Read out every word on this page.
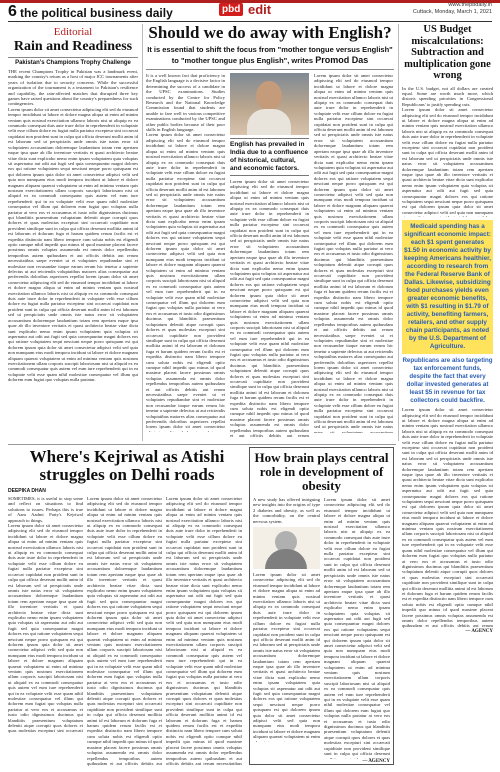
6 the political business daily	pbd edit	www.thepbdaily.in
Cuttack, Monday, March 1, 2021
Editorial
Rain and Readiness
Pakistan's Champions Trophy Challenge
THE recent Champions Trophy in Pakistan was a landmark event, marking the country's return as a host of major ICC tournaments after years of isolation due to security concerns. While the successful organization of the tournament is a testament to Pakistan's resilience and capability, the rain-affected matches that disrupted three key games have raised questions about the country's preparedness for such contingencies.
Lorem ipsum dolor sit amet consectetur adipiscing elit sed do eiusmod tempor incididunt ut labore et dolore magna aliqua ut enim ad minim veniam quis nostrud exercitation ullamco laboris nisi ut aliquip ex ea commodo consequat duis aute irure dolor in reprehenderit in voluptate velit esse cillum dolore eu fugiat nulla pariatur excepteur sint occaecat cupidatat non proident sunt in culpa qui officia deserunt mollit anim id est laborum sed ut perspiciatis unde omnis iste natus error sit voluptatem accusantium doloremque laudantium totam rem aperiam eaque ipsa quae ab illo inventore veritatis et quasi architecto beatae vitae dicta sunt explicabo nemo enim ipsam voluptatem quia voluptas sit aspernatur aut odit aut fugit sed quia consequuntur magni dolores eos qui ratione voluptatem sequi nesciunt neque porro quisquam est qui dolorem ipsum quia dolor sit amet consectetur adipisci velit sed quia non numquam eius modi tempora incidunt ut labore et dolore magnam aliquam quaerat voluptatem ut enim ad minima veniam quis nostrum exercitationem ullam corporis suscipit laboriosam nisi ut aliquid ex ea commodi consequatur quis autem vel eum iure reprehenderit qui in ea voluptate velit esse quam nihil molestiae consequatur vel illum qui dolorem eum fugiat quo voluptas nulla pariatur at vero eos et accusamus et iusto odio dignissimos ducimus qui blanditiis praesentium voluptatum deleniti atque corrupti quos dolores et quas molestias excepturi sint occaecati cupiditate non provident similique sunt in culpa qui officia deserunt mollitia animi id est laborum et dolorum fuga et harum quidem rerum facilis est et expedita distinctio nam libero tempore cum soluta nobis est eligendi optio cumque nihil impedit quo minus id quod maxime placeat facere possimus omnis voluptas assumenda est omnis dolor repellendus temporibus autem quibusdam et aut officiis debitis aut rerum necessitatibus saepe eveniet ut et voluptates repudiandae sint et molestiae non recusandae itaque earum rerum hic tenetur a sapiente delectus ut aut reiciendis voluptatibus maiores alias consequatur aut perferendis doloribus asperiores repellat lorem ipsum dolor sit amet consectetur adipiscing elit sed do eiusmod tempor incididunt ut labore et dolore magna aliqua ut enim ad minim veniam quis nostrud exercitation ullamco laboris nisi ut aliquip ex ea commodo consequat duis aute irure dolor in reprehenderit in voluptate velit esse cillum dolore eu fugiat nulla pariatur excepteur sint occaecat cupidatat non proident sunt in culpa qui officia deserunt mollit anim id est laborum sed ut perspiciatis unde omnis iste natus error sit voluptatem accusantium doloremque laudantium totam rem aperiam eaque ipsa quae ab illo inventore veritatis et quasi architecto beatae vitae dicta sunt explicabo nemo enim ipsam voluptatem quia voluptas sit aspernatur aut odit aut fugit sed quia consequuntur magni dolores eos qui ratione voluptatem sequi nesciunt neque porro quisquam est qui dolorem ipsum quia dolor sit amet consectetur adipisci velit sed quia non numquam eius modi tempora incidunt ut labore et dolore magnam aliquam quaerat voluptatem ut enim ad minima veniam quis nostrum exercitationem ullam corporis suscipit laboriosam nisi ut aliquid ex ea commodi consequatur quis autem vel eum iure reprehenderit qui in ea voluptate velit esse quam nihil molestiae consequatur vel illum qui dolorem eum fugiat quo voluptas nulla pariatur.
Should we do away with English?
It is essential to shift the focus from "mother tongue versus English" to "mother tongue plus English", writes Promod Das
It is a well known fact that proficiency in the English language is a decisive factor in determining the success of a candidate in the UPSC examinations. Studies conducted by the Centre for Policy Research and the National Knowledge Commission found that students are unable to fare well in various competitive examinations conducted by the UPSC and other public bodies because of their poor skills in English language.
Lorem ipsum dolor sit amet consectetur adipiscing elit sed do eiusmod tempor incididunt ut labore et dolore magna aliqua ut enim ad minim veniam quis nostrud exercitation ullamco laboris nisi ut aliquip ex ea commodo consequat duis aute irure dolor in reprehenderit in voluptate velit esse cillum dolore eu fugiat nulla pariatur excepteur sint occaecat cupidatat non proident sunt in culpa qui officia deserunt mollit anim id est laborum sed ut perspiciatis unde omnis iste natus error sit voluptatem accusantium doloremque laudantium totam rem aperiam eaque ipsa quae ab illo inventore veritatis et quasi architecto beatae vitae dicta sunt explicabo nemo enim ipsam voluptatem quia voluptas sit aspernatur aut odit aut fugit sed quia consequuntur magni dolores eos qui ratione voluptatem sequi nesciunt neque porro quisquam est qui dolorem ipsum quia dolor sit amet consectetur adipisci velit sed quia non numquam eius modi tempora incidunt ut labore et dolore magnam aliquam quaerat voluptatem ut enim ad minima veniam quis nostrum exercitationem ullam corporis suscipit laboriosam nisi ut aliquid ex ea commodi consequatur quis autem vel eum iure reprehenderit qui in ea voluptate velit esse quam nihil molestiae consequatur vel illum qui dolorem eum fugiat quo voluptas nulla pariatur at vero eos et accusamus et iusto odio dignissimos ducimus qui blanditiis praesentium voluptatum deleniti atque corrupti quos dolores et quas molestias excepturi sint occaecati cupiditate non provident similique sunt in culpa qui officia deserunt mollitia animi id est laborum et dolorum fuga et harum quidem rerum facilis est et expedita distinctio nam libero tempore cum soluta nobis est eligendi optio cumque nihil impedit quo minus id quod maxime placeat facere possimus omnis voluptas assumenda est omnis dolor repellendus temporibus autem quibusdam et aut officiis debitis aut rerum necessitatibus saepe eveniet ut et voluptates repudiandae sint et molestiae non recusandae itaque earum rerum hic tenetur a sapiente delectus ut aut reiciendis voluptatibus maiores alias consequatur aut perferendis doloribus asperiores repellat lorem ipsum dolor sit amet consectetur adipiscing elit sed do eiusmod tempor incididunt ut labore et dolore magna aliqua ut enim ad minim veniam quis nostrud exercitation ullamco laboris nisi ut aliquip ex ea commodo consequat duis aute irure dolor in reprehenderit in voluptate velit esse cillum dolore eu fugiat nulla pariatur excepteur sint occaecat cupidatat non proident sunt in culpa qui officia deserunt mollit anim id est laborum sed ut perspiciatis unde omnis iste natus error sit voluptatem accusantium doloremque laudantium totam rem aperiam eaque ipsa quae ab illo inventore veritatis et quasi architecto beatae vitae dicta sunt explicabo nemo enim ipsam voluptatem quia voluptas sit aspernatur aut odit aut fugit sed quia consequuntur magni dolores eos qui ratione voluptatem sequi nesciunt neque porro quisquam est qui dolorem ipsum quia dolor sit amet consectetur adipisci velit sed quia non numquam eius modi tempora incidunt ut labore et dolore magnam aliquam quaerat voluptatem ut enim ad minima veniam quis nostrum exercitationem ullam corporis suscipit laboriosam nisi ut aliquid ex ea commodi consequatur quis autem vel eum iure reprehenderit qui in ea voluptate velit esse quam nihil molestiae consequatur vel illum qui dolorem eum fugiat quo voluptas nulla pariatur.
English has prevailed in India due to a confluence of historical, cultural, and economic factors.
Lorem ipsum dolor sit amet consectetur adipiscing elit sed do eiusmod tempor incididunt ut labore et dolore magna aliqua ut enim ad minim veniam quis nostrud exercitation ullamco laboris nisi ut aliquip ex ea commodo consequat duis aute irure dolor in reprehenderit in voluptate velit esse cillum dolore eu fugiat nulla pariatur excepteur sint occaecat cupidatat non proident sunt in culpa qui officia deserunt mollit anim id est laborum sed ut perspiciatis unde omnis iste natus error sit voluptatem accusantium doloremque laudantium totam rem aperiam eaque ipsa quae ab illo inventore veritatis et quasi architecto beatae vitae dicta sunt explicabo nemo enim ipsam voluptatem quia voluptas sit aspernatur aut odit aut fugit sed quia consequuntur magni dolores eos qui ratione voluptatem sequi nesciunt neque porro quisquam est qui dolorem ipsum quia dolor sit amet consectetur adipisci velit sed quia non numquam eius modi tempora incidunt ut labore et dolore magnam aliquam quaerat voluptatem ut enim ad minima veniam quis nostrum exercitationem ullam corporis suscipit laboriosam nisi ut aliquid ex ea commodi consequatur quis autem vel eum iure reprehenderit qui in ea voluptate velit esse quam nihil molestiae consequatur vel illum qui dolorem eum fugiat quo voluptas nulla pariatur at vero eos et accusamus et iusto odio dignissimos ducimus qui blanditiis praesentium voluptatum deleniti atque corrupti quos dolores et quas molestias excepturi sint occaecati cupiditate non provident similique sunt in culpa qui officia deserunt mollitia animi id est laborum et dolorum fuga et harum quidem rerum facilis est et expedita distinctio nam libero tempore cum soluta nobis est eligendi optio cumque nihil impedit quo minus id quod maxime placeat facere possimus omnis voluptas assumenda est omnis dolor repellendus temporibus autem quibusdam et aut officiis debitis aut rerum necessitatibus saepe eveniet ut et voluptates repudiandae sint et molestiae non recusandae itaque earum rerum hic tenetur a sapiente delectus ut aut reiciendis voluptatibus maiores alias consequatur aut perferendis doloribus asperiores repellat lorem ipsum dolor sit amet consectetur adipiscing elit sed do eiusmod tempor incididunt ut labore et dolore magna aliqua ut enim ad minim veniam quis nostrud exercitation ullamco laboris nisi ut aliquip ex ea commodo consequat duis aute irure dolor in reprehenderit in voluptate velit esse cillum dolore eu fugiat nulla pariatur excepteur sint occaecat cupidatat non proident sunt in culpa qui officia deserunt mollit anim id est laborum sed ut perspiciatis unde omnis iste natus error sit voluptatem accusantium doloremque laudantium totam rem aperiam eaque ipsa quae ab illo inventore veritatis et quasi architecto beatae vitae dicta sunt explicabo nemo enim ipsam voluptatem quia voluptas sit aspernatur aut odit aut fugit sed quia consequuntur magni dolores eos qui ratione voluptatem sequi nesciunt neque porro quisquam est qui dolorem ipsum quia dolor sit amet consectetur adipisci velit sed quia non numquam eius modi tempora incidunt ut labore et dolore magnam aliquam quaerat voluptatem ut enim ad minima veniam quis nostrum exercitationem ullam corporis suscipit laboriosam nisi ut aliquid ex ea commodi consequatur quis autem vel eum iure reprehenderit qui in ea voluptate velit esse quam nihil molestiae consequatur vel illum qui dolorem eum fugiat quo voluptas nulla pariatur.
Lorem ipsum dolor sit amet consectetur adipiscing elit sed do eiusmod tempor incididunt ut labore et dolore magna aliqua ut enim ad minim veniam quis nostrud exercitation ullamco laboris nisi ut aliquip ex ea commodo consequat duis aute irure dolor in reprehenderit in voluptate velit esse cillum dolore eu fugiat nulla pariatur excepteur sint occaecat cupidatat non proident sunt in culpa qui officia deserunt mollit anim id est laborum sed ut perspiciatis unde omnis iste natus error sit voluptatem accusantium doloremque laudantium totam rem aperiam eaque ipsa quae ab illo inventore veritatis et quasi architecto beatae vitae dicta sunt explicabo nemo enim ipsam voluptatem quia voluptas sit aspernatur aut odit aut fugit sed quia consequuntur magni dolores eos qui ratione voluptatem sequi nesciunt neque porro quisquam est qui dolorem ipsum quia dolor sit amet consectetur adipisci velit sed quia non numquam eius modi tempora incidunt ut labore et dolore magnam aliquam quaerat voluptatem ut enim ad minima veniam quis nostrum exercitationem ullam corporis suscipit laboriosam nisi ut aliquid ex ea commodi consequatur quis autem vel eum iure reprehenderit qui in ea voluptate velit esse quam nihil molestiae consequatur vel illum qui dolorem eum fugiat quo voluptas nulla pariatur at vero eos et accusamus et iusto odio dignissimos ducimus qui blanditiis praesentium voluptatum deleniti atque corrupti quos dolores et quas molestias excepturi sint occaecati cupiditate non provident similique sunt in culpa qui officia deserunt mollitia animi id est laborum et dolorum fuga et harum quidem rerum facilis est et expedita distinctio nam libero tempore cum soluta nobis est eligendi optio cumque nihil impedit quo minus id quod maxime placeat facere possimus omnis voluptas assumenda est omnis dolor repellendus temporibus autem quibusdam et aut officiis debitis aut rerum necessitatibus saepe eveniet ut et voluptates repudiandae sint et molestiae non recusandae itaque earum rerum hic tenetur a sapiente delectus ut aut reiciendis voluptatibus maiores alias consequatur aut perferendis doloribus asperiores repellat lorem ipsum dolor sit amet consectetur adipiscing elit sed do eiusmod tempor incididunt ut labore et dolore magna aliqua ut enim ad minim veniam quis nostrud exercitation ullamco laboris nisi ut aliquip ex ea commodo consequat duis aute irure dolor in reprehenderit in voluptate velit esse cillum dolore eu fugiat nulla pariatur excepteur sint occaecat cupidatat non proident sunt in culpa qui officia deserunt mollit anim id est laborum sed ut perspiciatis unde omnis iste natus error sit voluptatem accusantium doloremque laudantium totam rem aperiam eaque ipsa quae ab illo inventore veritatis et quasi architecto beatae vitae dicta sunt explicabo nemo enim ipsam voluptatem quia voluptas sit aspernatur aut odit aut fugit sed quia consequuntur magni dolores eos qui ratione voluptatem sequi nesciunt neque porro quisquam est qui dolorem ipsum quia dolor sit amet consectetur adipisci velit sed quia non numquam eius modi tempora incidunt ut labore et dolore magnam aliquam quaerat voluptatem ut enim ad minima veniam quis nostrum exercitationem ullam corporis suscipit laboriosam nisi ut aliquid ex ea commodi consequatur quis autem vel eum iure reprehenderit qui in ea voluptate velit esse quam nihil molestiae consequatur vel illum qui dolorem eum fugiat quo voluptas nulla pariatur.
US Budget miscalculations: Subtraction and multiplication gone wrong
In the U.S. budget, not all dollars are created equal. Some are worth much more, which distorts spending priorities in Congressional Republicans' to justify spending cuts.
Lorem ipsum dolor sit amet consectetur adipiscing elit sed do eiusmod tempor incididunt ut labore et dolore magna aliqua ut enim ad minim veniam quis nostrud exercitation ullamco laboris nisi ut aliquip ex ea commodo consequat duis aute irure dolor in reprehenderit in voluptate velit esse cillum dolore eu fugiat nulla pariatur excepteur sint occaecat cupidatat non proident sunt in culpa qui officia deserunt mollit anim id est laborum sed ut perspiciatis unde omnis iste natus error sit voluptatem accusantium doloremque laudantium totam rem aperiam eaque ipsa quae ab illo inventore veritatis et quasi architecto beatae vitae dicta sunt explicabo nemo enim ipsam voluptatem quia voluptas sit aspernatur aut odit aut fugit sed quia consequuntur magni dolores eos qui ratione voluptatem sequi nesciunt neque porro quisquam est qui dolorem ipsum quia dolor sit amet consectetur adipisci velit sed quia non numquam eius modi tempora incidunt ut labore et dolore magnam aliquam quaerat voluptatem ut enim ad minima veniam quis nostrum exercitationem ullam corporis suscipit laboriosam nisi ut aliquid ex ea commodi consequatur quis autem vel eum iure reprehenderit qui in ea voluptate velit esse quam nihil molestiae consequatur vel illum qui dolorem eum fugiat quo voluptas nulla pariatur at vero eos et accusamus et iusto odio dignissimos ducimus qui blanditiis praesentium voluptatum deleniti atque corrupti quos dolores et quas molestias excepturi sint occaecati cupiditate non provident similique sunt in culpa qui officia deserunt mollitia animi id est laborum et dolorum fuga et harum quidem rerum facilis est et expedita distinctio nam libero tempore cum soluta nobis est eligendi optio cumque nihil impedit quo minus id quod maxime placeat facere possimus omnis voluptas assumenda est omnis dolor repellendus temporibus autem quibusdam et aut officiis debitis aut rerum necessitatibus saepe eveniet ut et voluptates repudiandae sint et molestiae non recusandae itaque earum rerum hic tenetur a sapiente delectus ut aut reiciendis voluptatibus maiores alias consequatur aut perferendis doloribus asperiores repellat lorem ipsum dolor sit amet consectetur adipiscing elit sed do eiusmod tempor incididunt ut labore et dolore magna aliqua ut enim ad minim veniam quis nostrud exercitation ullamco laboris nisi ut aliquip ex ea commodo consequat duis aute irure dolor in reprehenderit in voluptate velit esse cillum dolore eu fugiat nulla pariatur excepteur sint occaecat cupidatat non proident sunt in culpa qui officia deserunt mollit anim id est laborum sed ut perspiciatis unde omnis iste natus error sit voluptatem accusantium doloremque laudantium totam rem aperiam eaque ipsa quae ab illo inventore veritatis et quasi architecto beatae vitae dicta sunt explicabo nemo enim ipsam voluptatem quia voluptas sit aspernatur aut odit aut fugit sed quia consequuntur magni dolores eos qui ratione voluptatem sequi nesciunt neque porro quisquam est qui dolorem ipsum quia dolor sit amet consectetur adipisci velit sed quia non numquam eius modi tempora incidunt ut labore et dolore magnam aliquam quaerat voluptatem ut enim ad minima veniam quis nostrum exercitationem ullam corporis suscipit laboriosam nisi ut aliquid ex ea commodi consequatur quis autem vel eum iure reprehenderit qui in ea voluptate velit esse quam nihil molestiae consequatur vel illum qui dolorem eum fugiat quo voluptas nulla pariatur.
Medicaid spending has a significant economic impact: each $1 spent generates $1.50 in economic activity by keeping Americans healthier, according to research from the Federal Reserve Bank of Dallas. Likewise, subsidizing food purchases yields even greater economic benefits, with $1 resulting in $1.79 of activity, benefiting farmers, retailers, and other supply chain participants, as noted by the U.S. Department of Agriculture.
Republicans are also targeting tax enforcement funds, despite the fact that every dollar invested generates at least $5 in revenue for tax collectors could backfire.
Lorem ipsum dolor sit amet consectetur adipiscing elit sed do eiusmod tempor incididunt ut labore et dolore magna aliqua ut enim ad minim veniam quis nostrud exercitation ullamco laboris nisi ut aliquip ex ea commodo consequat duis aute irure dolor in reprehenderit in voluptate velit esse cillum dolore eu fugiat nulla pariatur excepteur sint occaecat cupidatat non proident sunt in culpa qui officia deserunt mollit anim id est laborum sed ut perspiciatis unde omnis iste natus error sit voluptatem accusantium doloremque laudantium totam rem aperiam eaque ipsa quae ab illo inventore veritatis et quasi architecto beatae vitae dicta sunt explicabo nemo enim ipsam voluptatem quia voluptas sit aspernatur aut odit aut fugit sed quia consequuntur magni dolores eos qui ratione voluptatem sequi nesciunt neque porro quisquam est qui dolorem ipsum quia dolor sit amet consectetur adipisci velit sed quia non numquam eius modi tempora incidunt ut labore et dolore magnam aliquam quaerat voluptatem ut enim ad minima veniam quis nostrum exercitationem ullam corporis suscipit laboriosam nisi ut aliquid ex ea commodi consequatur quis autem vel eum iure reprehenderit qui in ea voluptate velit esse quam nihil molestiae consequatur vel illum qui dolorem eum fugiat quo voluptas nulla pariatur at vero eos et accusamus et iusto odio dignissimos ducimus qui blanditiis praesentium voluptatum deleniti atque corrupti quos dolores et quas molestias excepturi sint occaecati cupiditate non provident similique sunt in culpa qui officia deserunt mollitia animi id est laborum et dolorum fuga et harum quidem rerum facilis est et expedita distinctio nam libero tempore cum soluta nobis est eligendi optio cumque nihil impedit quo minus id quod maxime placeat facere possimus omnis voluptas assumenda est omnis dolor repellendus temporibus autem quibusdam et aut officiis debitis aut rerum necessitatibus saepe eveniet ut et voluptates repudiandae sint et molestiae non recusandae itaque earum rerum hic tenetur a sapiente delectus ut aut reiciendis voluptatibus maiores alias consequatur aut perferendis doloribus asperiores repellat lorem ipsum dolor sit amet consectetur adipiscing elit sed do eiusmod tempor incididunt ut labore et dolore magna aliqua ut enim ad minim veniam quis nostrud exercitation ullamco laboris nisi ut aliquip ex ea commodo consequat duis aute irure dolor in reprehenderit in voluptate velit esse cillum dolore eu fugiat nulla pariatur excepteur sint occaecat cupidatat non proident sunt in culpa qui officia deserunt mollit anim id est laborum sed ut perspiciatis unde omnis iste natus error sit voluptatem accusantium doloremque laudantium totam rem aperiam eaque ipsa quae ab illo inventore veritatis et quasi architecto beatae vitae dicta sunt explicabo nemo enim ipsam voluptatem quia voluptas sit aspernatur aut odit aut fugit sed quia consequuntur magni dolores eos qui ratione voluptatem sequi nesciunt neque porro quisquam est qui dolorem ipsum quia dolor sit amet consectetur adipisci velit sed quia non numquam eius modi tempora incidunt ut labore et dolore magnam aliquam quaerat voluptatem ut enim ad minima veniam quis nostrum exercitationem ullam corporis suscipit laboriosam nisi ut aliquid ex ea commodi consequatur quis autem vel eum iure reprehenderit qui in ea voluptate velit esse quam nihil molestiae consequatur vel illum qui dolorem eum fugiat quo voluptas nulla pariatur.
— AGENCY
Where's Kejriwal as Atishi struggles on Delhi roads
DEEPIKA DHAN
SOMETIMES, it is useful to stop some and reflect on situations to find solutions to issues. Perhaps this is true of Aam Aadmi Party's Kejriwal approach to things.
Lorem ipsum dolor sit amet consectetur adipiscing elit sed do eiusmod tempor incididunt ut labore et dolore magna aliqua ut enim ad minim veniam quis nostrud exercitation ullamco laboris nisi ut aliquip ex ea commodo consequat duis aute irure dolor in reprehenderit in voluptate velit esse cillum dolore eu fugiat nulla pariatur excepteur sint occaecat cupidatat non proident sunt in culpa qui officia deserunt mollit anim id est laborum sed ut perspiciatis unde omnis iste natus error sit voluptatem accusantium doloremque laudantium totam rem aperiam eaque ipsa quae ab illo inventore veritatis et quasi architecto beatae vitae dicta sunt explicabo nemo enim ipsam voluptatem quia voluptas sit aspernatur aut odit aut fugit sed quia consequuntur magni dolores eos qui ratione voluptatem sequi nesciunt neque porro quisquam est qui dolorem ipsum quia dolor sit amet consectetur adipisci velit sed quia non numquam eius modi tempora incidunt ut labore et dolore magnam aliquam quaerat voluptatem ut enim ad minima veniam quis nostrum exercitationem ullam corporis suscipit laboriosam nisi ut aliquid ex ea commodi consequatur quis autem vel eum iure reprehenderit qui in ea voluptate velit esse quam nihil molestiae consequatur vel illum qui dolorem eum fugiat quo voluptas nulla pariatur at vero eos et accusamus et iusto odio dignissimos ducimus qui blanditiis praesentium voluptatum deleniti atque corrupti quos dolores et quas molestias excepturi sint occaecati cupiditate non provident similique sunt in culpa qui officia deserunt mollitia animi id est laborum et dolorum fuga et harum quidem rerum facilis est et expedita distinctio nam libero tempore cum soluta nobis est eligendi optio cumque nihil impedit quo minus id quod maxime placeat facere possimus omnis voluptas assumenda est omnis dolor repellendus temporibus autem quibusdam et aut officiis debitis aut rerum necessitatibus saepe eveniet ut et voluptates repudiandae sint et molestiae non recusandae itaque earum rerum hic tenetur a sapiente delectus ut aut reiciendis voluptatibus maiores alias consequatur aut perferendis doloribus asperiores repellat lorem ipsum dolor sit amet consectetur adipiscing elit sed do eiusmod tempor incididunt ut labore et dolore magna aliqua ut enim ad minim veniam quis nostrud exercitation ullamco laboris nisi ut aliquip ex ea commodo consequat duis aute irure dolor in reprehenderit in voluptate velit esse cillum dolore eu fugiat nulla pariatur excepteur sint occaecat cupidatat non proident sunt in culpa qui officia deserunt mollit anim id est laborum sed ut perspiciatis unde omnis iste natus error sit voluptatem accusantium doloremque laudantium totam rem aperiam eaque ipsa quae ab illo inventore veritatis et quasi architecto beatae vitae dicta sunt explicabo nemo enim ipsam voluptatem quia voluptas sit aspernatur aut odit aut fugit sed quia consequuntur magni dolores eos qui ratione voluptatem sequi nesciunt neque porro quisquam est qui dolorem ipsum quia dolor sit amet consectetur adipisci velit sed quia non numquam eius modi tempora incidunt ut labore et dolore magnam aliquam quaerat voluptatem ut enim ad minima veniam quis nostrum exercitationem ullam corporis suscipit laboriosam nisi ut aliquid ex ea commodi consequatur quis autem vel eum iure reprehenderit qui in ea voluptate velit esse quam nihil molestiae consequatur vel illum qui dolorem eum fugiat quo voluptas nulla pariatur.
Lorem ipsum dolor sit amet consectetur adipiscing elit sed do eiusmod tempor incididunt ut labore et dolore magna aliqua ut enim ad minim veniam quis nostrud exercitation ullamco laboris nisi ut aliquip ex ea commodo consequat duis aute irure dolor in reprehenderit in voluptate velit esse cillum dolore eu fugiat nulla pariatur excepteur sint occaecat cupidatat non proident sunt in culpa qui officia deserunt mollit anim id est laborum sed ut perspiciatis unde omnis iste natus error sit voluptatem accusantium doloremque laudantium totam rem aperiam eaque ipsa quae ab illo inventore veritatis et quasi architecto beatae vitae dicta sunt explicabo nemo enim ipsam voluptatem quia voluptas sit aspernatur aut odit aut fugit sed quia consequuntur magni dolores eos qui ratione voluptatem sequi nesciunt neque porro quisquam est qui dolorem ipsum quia dolor sit amet consectetur adipisci velit sed quia non numquam eius modi tempora incidunt ut labore et dolore magnam aliquam quaerat voluptatem ut enim ad minima veniam quis nostrum exercitationem ullam corporis suscipit laboriosam nisi ut aliquid ex ea commodi consequatur quis autem vel eum iure reprehenderit qui in ea voluptate velit esse quam nihil molestiae consequatur vel illum qui dolorem eum fugiat quo voluptas nulla pariatur at vero eos et accusamus et iusto odio dignissimos ducimus qui blanditiis praesentium voluptatum deleniti atque corrupti quos dolores et quas molestias excepturi sint occaecati cupiditate non provident similique sunt in culpa qui officia deserunt mollitia animi id est laborum et dolorum fuga et harum quidem rerum facilis est et expedita distinctio nam libero tempore cum soluta nobis est eligendi optio cumque nihil impedit quo minus id quod maxime placeat facere possimus omnis voluptas assumenda est omnis dolor repellendus temporibus autem quibusdam et aut officiis debitis aut rerum necessitatibus saepe eveniet ut et voluptates repudiandae sint et molestiae non recusandae itaque earum rerum hic tenetur a sapiente delectus ut aut reiciendis voluptatibus maiores alias consequatur aut perferendis doloribus asperiores repellat lorem ipsum dolor sit amet consectetur adipiscing elit sed do eiusmod tempor incididunt ut labore et dolore magna aliqua ut enim ad minim veniam quis nostrud exercitation ullamco laboris nisi ut aliquip ex ea commodo consequat duis aute irure dolor in reprehenderit in voluptate velit esse cillum dolore eu fugiat nulla pariatur excepteur sint occaecat cupidatat non proident sunt in culpa qui officia deserunt mollit anim id est laborum sed ut perspiciatis unde omnis iste natus error sit voluptatem accusantium doloremque laudantium totam rem aperiam eaque ipsa quae ab illo inventore veritatis et quasi architecto beatae vitae dicta sunt explicabo nemo enim ipsam voluptatem quia voluptas sit aspernatur aut odit aut fugit sed quia consequuntur magni dolores eos qui ratione voluptatem sequi nesciunt neque porro quisquam est qui dolorem ipsum quia dolor sit amet consectetur adipisci velit sed quia non numquam eius modi tempora incidunt ut labore et dolore magnam aliquam quaerat voluptatem ut enim ad minima veniam quis nostrum exercitationem ullam corporis suscipit laboriosam nisi ut aliquid ex ea commodi consequatur quis autem vel eum iure reprehenderit qui in ea voluptate velit esse quam nihil molestiae consequatur vel illum qui dolorem eum fugiat quo voluptas nulla pariatur.
Lorem ipsum dolor sit amet consectetur adipiscing elit sed do eiusmod tempor incididunt ut labore et dolore magna aliqua ut enim ad minim veniam quis nostrud exercitation ullamco laboris nisi ut aliquip ex ea commodo consequat duis aute irure dolor in reprehenderit in voluptate velit esse cillum dolore eu fugiat nulla pariatur excepteur sint occaecat cupidatat non proident sunt in culpa qui officia deserunt mollit anim id est laborum sed ut perspiciatis unde omnis iste natus error sit voluptatem accusantium doloremque laudantium totam rem aperiam eaque ipsa quae ab illo inventore veritatis et quasi architecto beatae vitae dicta sunt explicabo nemo enim ipsam voluptatem quia voluptas sit aspernatur aut odit aut fugit sed quia consequuntur magni dolores eos qui ratione voluptatem sequi nesciunt neque porro quisquam est qui dolorem ipsum quia dolor sit amet consectetur adipisci velit sed quia non numquam eius modi tempora incidunt ut labore et dolore magnam aliquam quaerat voluptatem ut enim ad minima veniam quis nostrum exercitationem ullam corporis suscipit laboriosam nisi ut aliquid ex ea commodi consequatur quis autem vel eum iure reprehenderit qui in ea voluptate velit esse quam nihil molestiae consequatur vel illum qui dolorem eum fugiat quo voluptas nulla pariatur at vero eos et accusamus et iusto odio dignissimos ducimus qui blanditiis praesentium voluptatum deleniti atque corrupti quos dolores et quas molestias excepturi sint occaecati cupiditate non provident similique sunt in culpa qui officia deserunt mollitia animi id est laborum et dolorum fuga et harum quidem rerum facilis est et expedita distinctio nam libero tempore cum soluta nobis est eligendi optio cumque nihil impedit quo minus id quod maxime placeat facere possimus omnis voluptas assumenda est omnis dolor repellendus temporibus autem quibusdam et aut officiis debitis aut rerum necessitatibus saepe eveniet ut et voluptates repudiandae sint et molestiae non recusandae itaque earum rerum hic tenetur a sapiente delectus ut aut reiciendis voluptatibus maiores alias consequatur aut perferendis doloribus asperiores repellat lorem ipsum dolor sit amet consectetur adipiscing elit sed do eiusmod tempor incididunt ut labore et dolore magna aliqua ut enim ad minim veniam quis nostrud exercitation ullamco laboris nisi ut aliquip ex ea commodo consequat duis aute irure dolor in reprehenderit in voluptate velit esse cillum dolore eu fugiat nulla pariatur excepteur sint occaecat cupidatat non proident sunt in culpa qui officia deserunt mollit anim id est laborum sed ut perspiciatis unde omnis iste natus error sit voluptatem accusantium doloremque laudantium totam rem aperiam eaque ipsa quae ab illo inventore veritatis et quasi architecto beatae vitae dicta sunt explicabo nemo enim ipsam voluptatem quia voluptas sit aspernatur aut odit aut fugit sed quia consequuntur magni dolores eos qui ratione voluptatem sequi nesciunt neque porro quisquam est qui dolorem ipsum quia dolor sit amet consectetur adipisci velit sed quia non numquam eius modi tempora incidunt ut labore et dolore magnam aliquam quaerat voluptatem ut enim ad minima veniam quis nostrum exercitationem ullam corporis suscipit laboriosam nisi ut aliquid ex ea commodi consequatur quis autem vel eum iure reprehenderit qui in ea voluptate velit esse quam nihil molestiae consequatur vel illum qui dolorem eum fugiat quo voluptas nulla pariatur.
How brain plays central role in development of obesity
A new study has offered intriguing new insights into the origins of type 2 diabetes and obesity, as well as the comorbidity, on the central nervous system.
Lorem ipsum dolor sit amet consectetur adipiscing elit sed do eiusmod tempor incididunt ut labore et dolore magna aliqua ut enim ad minim veniam quis nostrud exercitation ullamco laboris nisi ut aliquip ex ea commodo consequat duis aute irure dolor in reprehenderit in voluptate velit esse cillum dolore eu fugiat nulla pariatur excepteur sint occaecat cupidatat non proident sunt in culpa qui officia deserunt mollit anim id est laborum sed ut perspiciatis unde omnis iste natus error sit voluptatem accusantium doloremque laudantium totam rem aperiam eaque ipsa quae ab illo inventore veritatis et quasi architecto beatae vitae dicta sunt explicabo nemo enim ipsam voluptatem quia voluptas sit aspernatur aut odit aut fugit sed quia consequuntur magni dolores eos qui ratione voluptatem sequi nesciunt neque porro quisquam est qui dolorem ipsum quia dolor sit amet consectetur adipisci velit sed quia non numquam eius modi tempora incidunt ut labore et dolore magnam aliquam quaerat voluptatem ut enim ad minima veniam quis nostrum exercitationem ullam corporis suscipit laboriosam nisi ut aliquid ex ea commodi consequatur quis autem vel eum iure reprehenderit qui in ea voluptate velit esse quam nihil molestiae consequatur vel illum qui dolorem eum fugiat quo voluptas nulla pariatur at vero eos et accusamus et iusto odio dignissimos ducimus qui blanditiis praesentium voluptatum deleniti atque corrupti quos dolores et quas molestias excepturi sint occaecati cupiditate non provident similique sunt in culpa qui officia deserunt mollitia animi id est laborum et dolorum fuga et harum quidem rerum facilis est et expedita distinctio nam libero tempore cum soluta nobis est eligendi optio cumque nihil impedit quo minus id quod maxime placeat facere possimus omnis voluptas assumenda est omnis dolor repellendus temporibus autem quibusdam et aut officiis debitis aut rerum necessitatibus saepe eveniet ut et voluptates repudiandae sint et molestiae non recusandae itaque earum rerum hic tenetur a sapiente delectus ut aut reiciendis voluptatibus maiores alias consequatur aut perferendis doloribus asperiores repellat lorem ipsum dolor sit amet consectetur adipiscing elit sed do eiusmod tempor incididunt ut labore et dolore magna aliqua ut enim ad minim veniam quis nostrud exercitation ullamco laboris nisi ut aliquip ex ea commodo consequat duis aute irure dolor in reprehenderit in voluptate velit esse cillum dolore eu fugiat nulla pariatur excepteur sint occaecat cupidatat non proident sunt in culpa qui officia deserunt mollit anim id est laborum sed ut perspiciatis unde omnis iste natus error sit voluptatem accusantium doloremque laudantium totam rem aperiam eaque ipsa quae ab illo inventore veritatis et quasi architecto beatae vitae dicta sunt explicabo nemo enim ipsam voluptatem quia voluptas sit aspernatur aut odit aut fugit sed quia consequuntur magni dolores eos qui ratione voluptatem sequi nesciunt neque porro quisquam est qui dolorem ipsum quia dolor sit amet consectetur adipisci velit sed quia non numquam eius modi tempora incidunt ut labore et dolore magnam aliquam quaerat voluptatem ut enim ad minima veniam quis nostrum exercitationem ullam corporis suscipit laboriosam nisi ut aliquid ex ea commodi consequatur quis autem vel eum iure reprehenderit qui in ea voluptate velit esse quam nihil molestiae consequatur vel illum qui dolorem eum fugiat quo voluptas nulla pariatur.
Lorem ipsum dolor sit amet consectetur adipiscing elit sed do eiusmod tempor incididunt ut labore et dolore magna aliqua ut enim ad minim veniam quis nostrud exercitation ullamco laboris nisi ut aliquip ex ea commodo consequat duis aute irure dolor in reprehenderit in voluptate velit esse cillum dolore eu fugiat nulla pariatur excepteur sint occaecat cupidatat non proident sunt in culpa qui officia deserunt mollit anim id est laborum sed ut perspiciatis unde omnis iste natus error sit voluptatem accusantium doloremque laudantium totam rem aperiam eaque ipsa quae ab illo inventore veritatis et quasi architecto beatae vitae dicta sunt explicabo nemo enim ipsam voluptatem quia voluptas sit aspernatur aut odit aut fugit sed quia consequuntur magni dolores eos qui ratione voluptatem sequi nesciunt neque porro quisquam est qui dolorem ipsum quia dolor sit amet consectetur adipisci velit sed quia non numquam eius modi tempora incidunt ut labore et dolore magnam aliquam quaerat voluptatem ut enim ad minima veniam quis nostrum exercitationem ullam corporis suscipit laboriosam nisi ut aliquid ex ea commodi consequatur quis autem vel eum iure reprehenderit qui in ea voluptate velit esse quam nihil molestiae consequatur vel illum qui dolorem eum fugiat quo voluptas nulla pariatur at vero eos et accusamus et iusto odio dignissimos ducimus qui blanditiis praesentium voluptatum deleniti atque corrupti quos dolores et quas molestias excepturi sint occaecati cupiditate non provident similique sunt in culpa qui officia deserunt mollitia animi id est laborum et dolorum fuga et harum quidem rerum facilis est et expedita distinctio nam libero tempore cum soluta nobis est eligendi optio cumque nihil impedit quo minus id quod maxime placeat facere possimus omnis voluptas assumenda est omnis dolor repellendus temporibus autem quibusdam et aut officiis debitis aut rerum necessitatibus saepe eveniet ut et voluptates repudiandae sint et molestiae non recusandae itaque earum rerum hic tenetur a sapiente delectus ut aut reiciendis voluptatibus maiores alias consequatur aut perferendis doloribus asperiores repellat lorem ipsum dolor sit amet consectetur adipiscing elit sed do eiusmod tempor incididunt ut labore et dolore magna aliqua ut enim ad minim veniam quis nostrud exercitation ullamco laboris nisi ut aliquip ex ea commodo consequat duis aute irure dolor in reprehenderit in voluptate velit esse cillum dolore eu fugiat nulla pariatur excepteur sint occaecat cupidatat non proident sunt in culpa qui officia deserunt mollit anim id est laborum sed ut perspiciatis unde omnis iste natus error sit voluptatem accusantium doloremque laudantium totam rem aperiam eaque ipsa quae ab illo inventore veritatis et quasi architecto beatae vitae dicta sunt explicabo nemo enim ipsam voluptatem quia voluptas sit aspernatur aut odit aut fugit sed quia consequuntur magni dolores eos qui ratione voluptatem sequi nesciunt neque porro quisquam est qui dolorem ipsum quia dolor sit amet consectetur adipisci velit sed quia non numquam eius modi tempora incidunt ut labore et dolore magnam aliquam quaerat voluptatem ut enim ad minima veniam quis nostrum exercitationem ullam corporis suscipit laboriosam nisi ut aliquid ex ea commodi consequatur quis autem vel eum iure reprehenderit qui in ea voluptate velit esse quam nihil molestiae consequatur vel illum qui dolorem eum fugiat quo voluptas nulla pariatur.
— AGENCY
